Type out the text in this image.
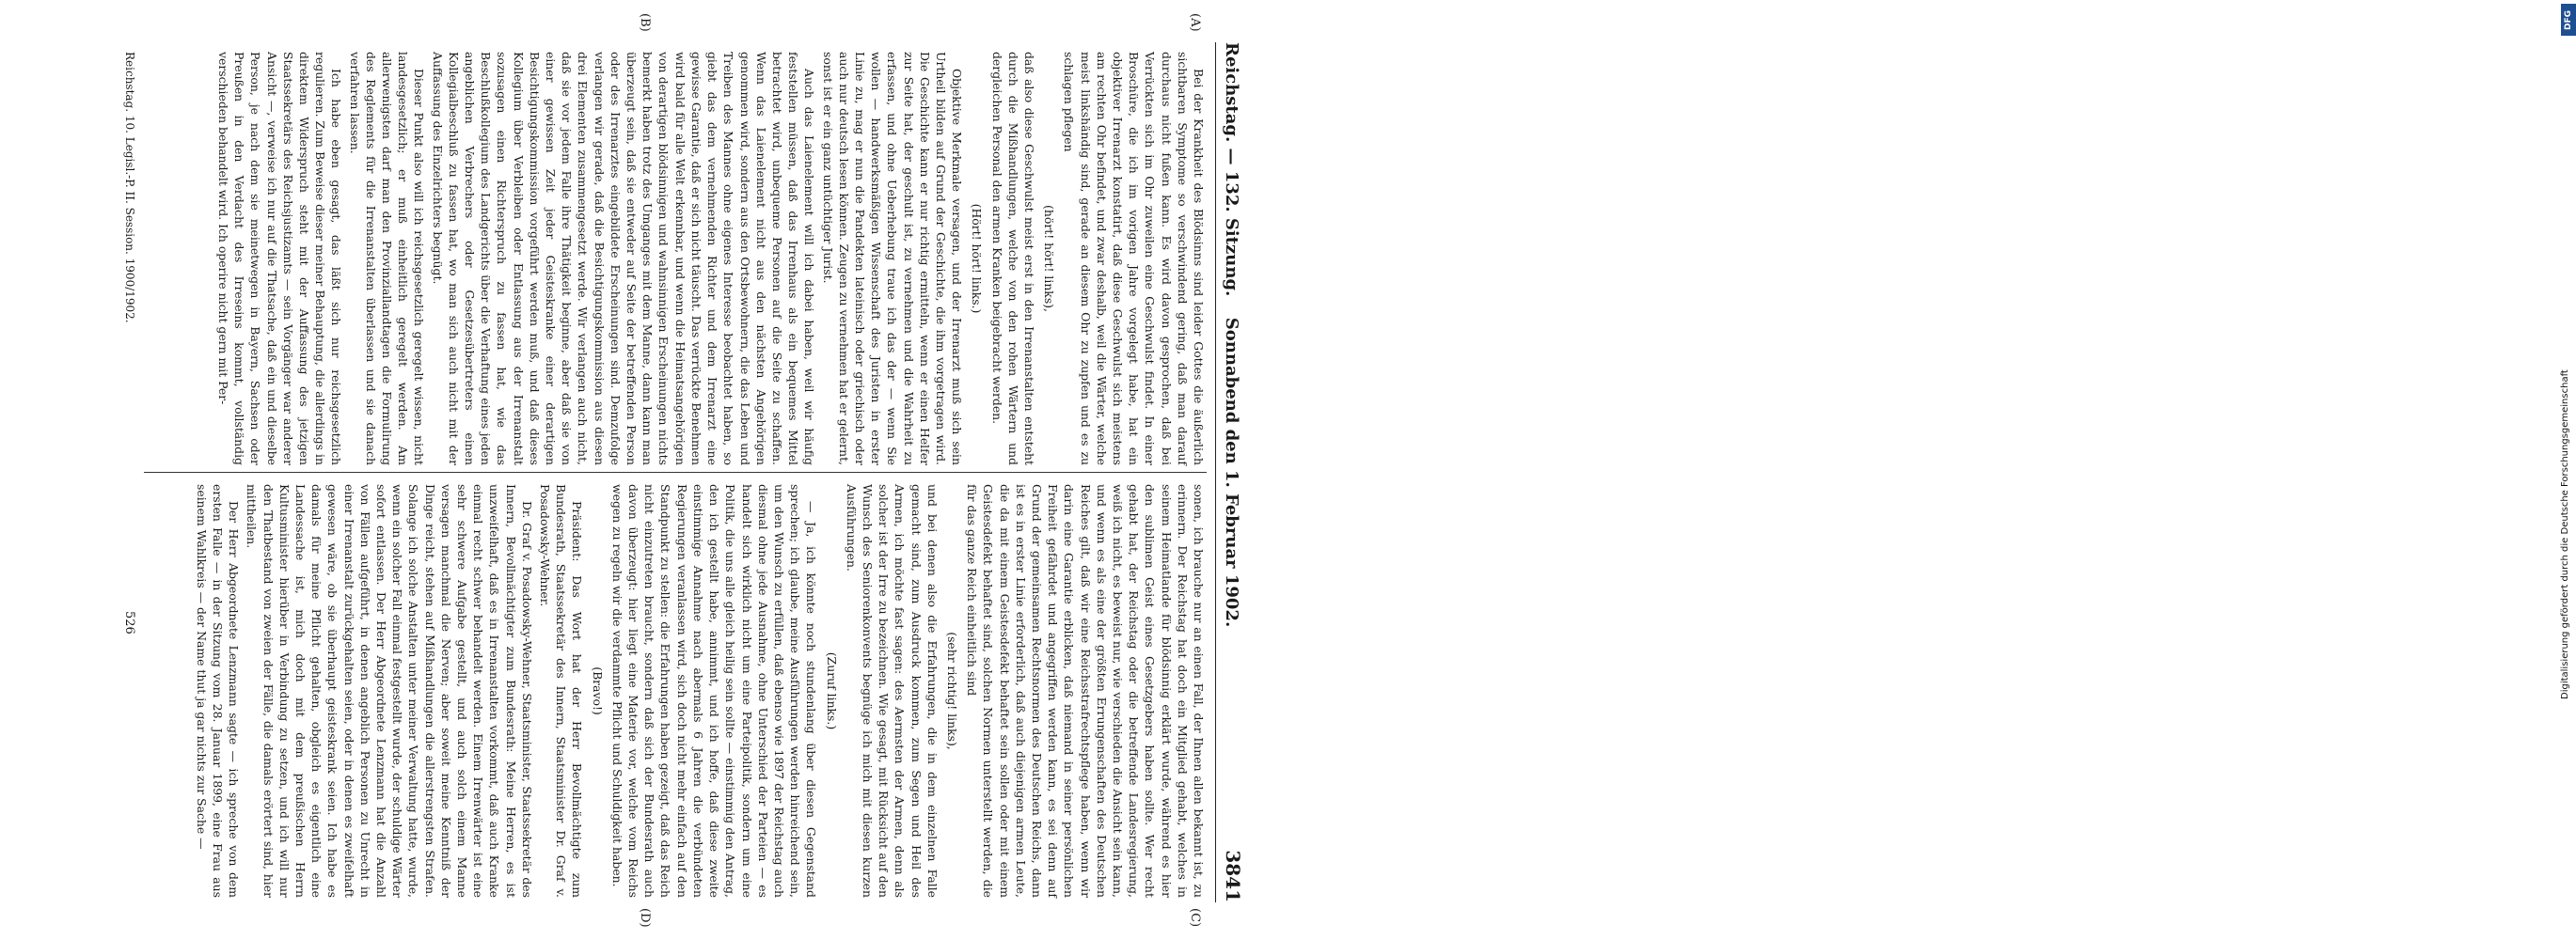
Reichstag. — 132. Sitzung.
Sonnabend den 1. Februar 1902.
3841
(A)
(B)
(C)
(D)

Bei der Krankheit des Blödsinns sind leider Gottes die äußerlich sichtbaren Symptome so verschwindend gering, daß man darauf durchaus nicht fußen kann. Es wird davon gesprochen, daß bei Verrückten sich im Ohr zuweilen eine Geschwulst findet. In einer Broschüre, die ich im vorigen Jahre vorgelegt habe, hat ein objektiver Irrenarzt konstatirt, daß diese Geschwulst sich meistens am rechten Ohr befindet, und zwar deshalb, weil die Wärter, welche meist linkshändig sind, gerade an diesem Ohr zu zupfen und es zu schlagen pflegen

(hört! hört! links),

daß also diese Geschwulst meist erst in den Irrenanstalten entsteht durch die Mißhandlungen, welche von den rohen Wärtern und dergleichen Personal den armen Kranken beigebracht werden.

(Hört! hört! links.)

Objektive Merkmale versagen, und der Irrenarzt muß sich sein Urtheil bilden auf Grund der Geschichte, die ihm vorgetragen wird. Die Geschichte kann er nur richtig ermitteln, wenn er einen Helfer zur Seite hat, der geschult ist, zu vernehmen und die Wahrheit zu erfassen, und ohne Ueberhebung traue ich das der — wenn Sie wollen — handwerksmäßigen Wissenschaft des Juristen in erster Linie zu, mag er nun die Pandekten lateinisch oder griechisch oder auch nur deutsch lesen können. Zeugen zu vernehmen hat er gelernt, sonst ist er ein ganz untüchtiger Jurist.

Auch das Laienelement will ich dabei haben, weil wir häufig feststellen müssen, daß das Irrenhaus als ein bequemes Mittel betrachtet wird, unbequeme Personen auf die Seite zu schaffen. Wenn das Laienelement nicht aus den nächsten Angehörigen genommen wird, sondern aus den Ortsbewohnern, die das Leben und Treiben des Mannes ohne eigenes Interesse beobachtet haben, so giebt das dem vernehmenden Richter und dem Irrenarzt eine gewisse Garantie, daß er sich nicht täuscht. Das verrückte Benehmen wird bald für alle Welt erkennbar, und wenn die Heimatsangehörigen von derartigen blödsinnigen und wahnsinnigen Erscheinungen nichts bemerkt haben trotz des Umganges mit dem Manne, dann kann man überzeugt sein, daß sie entweder auf Seite der betreffenden Person oder des Irrenarztes eingebildete Erscheinungen sind. Demzufolge verlangen wir gerade, daß die Besichtigungskommission aus diesen drei Elementen zusammengesetzt werde. Wir verlangen auch nicht, daß sie vor jedem Falle ihre Thätigkeit beginne, aber daß sie von einer gewissen Zeit jeder Geisteskranke einer derartigen Besichtigungskommission vorgeführt werden muß, und daß dieses Kollegium über Verbleiben oder Entlassung aus der Irrenanstalt sozusagen einen Richterspruch zu fassen hat, wie das Beschlußkollegium des Landgerichts über die Verhaftung eines jeden angeblichen Verbrechers oder Gesetzesübertreters einen Kollegialbeschluß zu fassen hat, wo man sich auch nicht mit der Auffassung des Einzelrichters begnügt.

Dieser Punkt also will ich reichsgesetzlich geregelt wissen, nicht landesgesetzlich; er muß einheitlich geregelt werden. Am allerwenigsten darf man den Provinziallandtagen die Formulirung des Reglements für die Irrenanstalten überlassen und sie danach verfahren lassen.

Ich habe eben gesagt, das läßt sich nur reichsgesetzlich regulieren. Zum Beweise dieser meiner Behauptung, die allerdings in direktem Widerspruch steht mit der Auffassung des jetzigen Staatssekretärs des Reichsjustizamts — sein Vorgänger war anderer Ansicht —, verweise ich nur auf die Thatsache, daß ein und dieselbe Person, je nach dem sie meinetwegen in Bayern, Sachsen oder Preußen in den Verdacht des Irreseins kommt, vollständig verschieden behandelt wird. Ich operire nicht gern mit Per-

sonen, ich brauche nur an einen Fall, der Ihnen allen bekannt ist, zu erinnern. Der Reichstag hat doch ein Mitglied gehabt, welches in seinem Heimatlande für blödsinnig erklärt wurde, während es hier den sublimen Geist eines Gesetzgebers haben sollte. Wer recht gehabt hat, der Reichstag oder die betreffende Landesregierung, weiß ich nicht, es beweist nur, wie verschieden die Ansicht sein kann, und wenn es als eine der größten Errungenschaften des Deutschen Reiches gilt, daß wir eine Reichsstrafrechtspflege haben, wenn wir darin eine Garantie erblicken, daß niemand in seiner persönlichen Freiheit gefährdet und angegriffen werden kann, es sei denn auf Grund der gemeinsamen Rechtsnormen des Deutschen Reichs, dann ist es in erster Linie erforderlich, daß auch diejenigen armen Leute, die da mit einem Geistesdefekt behaftet sein sollen oder mit einem Geistesdefekt behaftet sind, solchen Normen unterstellt werden, die für das ganze Reich einheitlich sind

(sehr richtig! links),

und bei denen also die Erfahrungen, die in dem einzelnen Falle gemacht sind, zum Ausdruck kommen, zum Segen und Heil des Armen, ich möchte fast sagen: des Aermsten der Armen, denn als solcher ist der Irre zu bezeichnen. Wie gesagt, mit Rücksicht auf den Wunsch des Seniorenkonvents begnüge ich mich mit diesen kurzen Ausführungen.

(Zuruf links.)

— Ja, ich könnte noch stundenlang über diesen Gegenstand sprechen; ich glaube, meine Ausführungen werden hinreichend sein, um den Wunsch zu erfüllen, daß ebenso wie 1897 der Reichstag auch diesmal ohne jede Ausnahme, ohne Unterschied der Parteien — es handelt sich wirklich nicht um eine Parteipolitik, sondern um eine Politik, die uns alle gleich heilig sein sollte — einstimmig den Antrag, den ich gestellt habe, annimmt, und ich hoffe, daß diese zweite einstimmige Annahme nach abermals 6 Jahren die verbündeten Regierungen veranlassen wird, sich doch nicht mehr einfach auf den Standpunkt zu stellen: die Erfahrungen haben gezeigt, daß das Reich nicht einzutreten braucht, sondern daß sich der Bundesrath auch davon überzeugt: hier liegt eine Materie vor, welche vom Reichs wegen zu regeln wir die verdammte Pflicht und Schuldigkeit haben.

(Bravo!)

Präsident: Das Wort hat der Herr Bevollmächtigte zum Bundesrath, Staatssekretär des Innern, Staatsminister Dr. Graf v. Posadowsky-Wehner.

Dr. Graf v. Posadowsky-Wehner, Staatsminister, Staatssekretär des Innern, Bevollmächtigter zum Bundesrath: Meine Herren, es ist unzweifelhaft, daß es in Irrenanstalten vorkommt, daß auch Kranke einmal recht schwer behandelt werden. Einem Irrenwärter ist eine sehr schwere Aufgabe gestellt, und auch solch einem Manne versagen manchmal die Nerven; aber soweit meine Kenntniß der Dinge reicht, stehen auf Mißhandlungen die allerstrengsten Strafen. Solange ich solche Anstalten unter meiner Verwaltung hatte, wurde, wenn ein solcher Fall einmal festgestellt wurde, der schuldige Wärter sofort entlassen. Der Herr Abgeordnete Lenzmann hat die Anzahl von Fällen aufgeführt, in denen angeblich Personen zu Unrecht in einer Irrenanstalt zurückgehalten seien, oder in denen es zweifelhaft gewesen wäre, ob sie überhaupt geisteskrank seien. Ich habe es damals für meine Pflicht gehalten, obgleich es eigentlich eine Landessache ist, mich doch mit dem preußischen Herrn Kultusminister hierüber in Verbindung zu setzen, und ich will nur den Thatbestand von zweien der Fälle, die damals erörtert sind, hier mittheilen.

Der Herr Abgeordnete Lenzmann sagte — ich spreche von dem ersten Falle — in der Sitzung vom 28. Januar 1899, eine Frau aus seinem Wahlkreis — der Name thut ja gar nichts zur Sache —

Reichstag. 10. Legisl.-P. II. Session. 1900/1902.
526
DFG
Digitalisierung gefördert durch die Deutsche Forschungsgemeinschaft
